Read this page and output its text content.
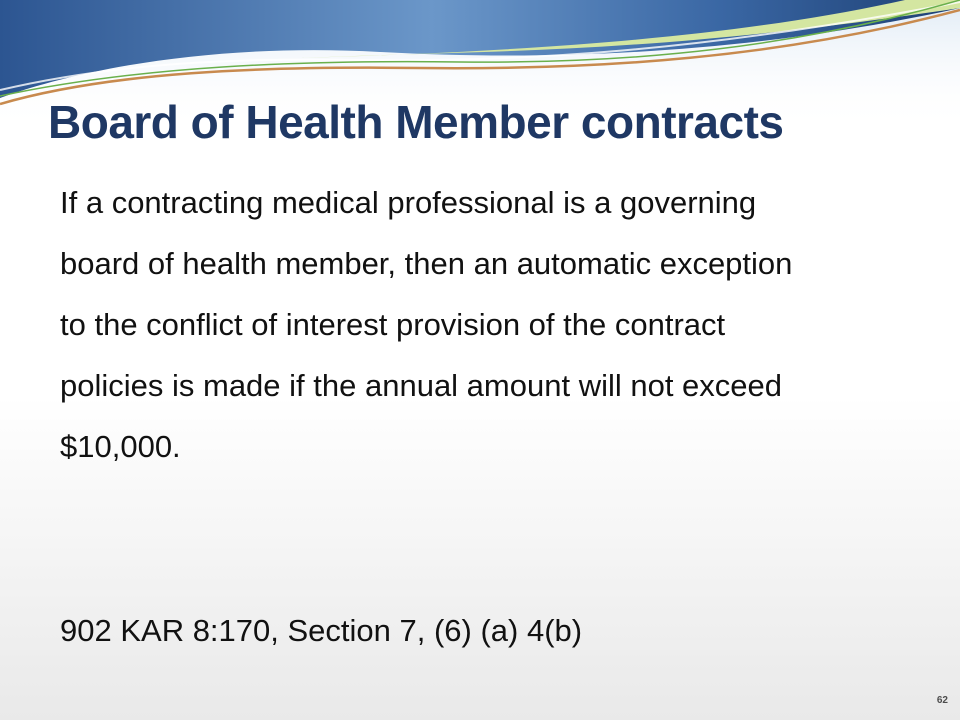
Board of Health Member contracts

If a contracting medical professional is a governing board of health member, then an automatic exception to the conflict of interest provision of the contract policies is made if the annual amount will not exceed $10,000.

902 KAR 8:170, Section 7, (6) (a) 4(b)

62
